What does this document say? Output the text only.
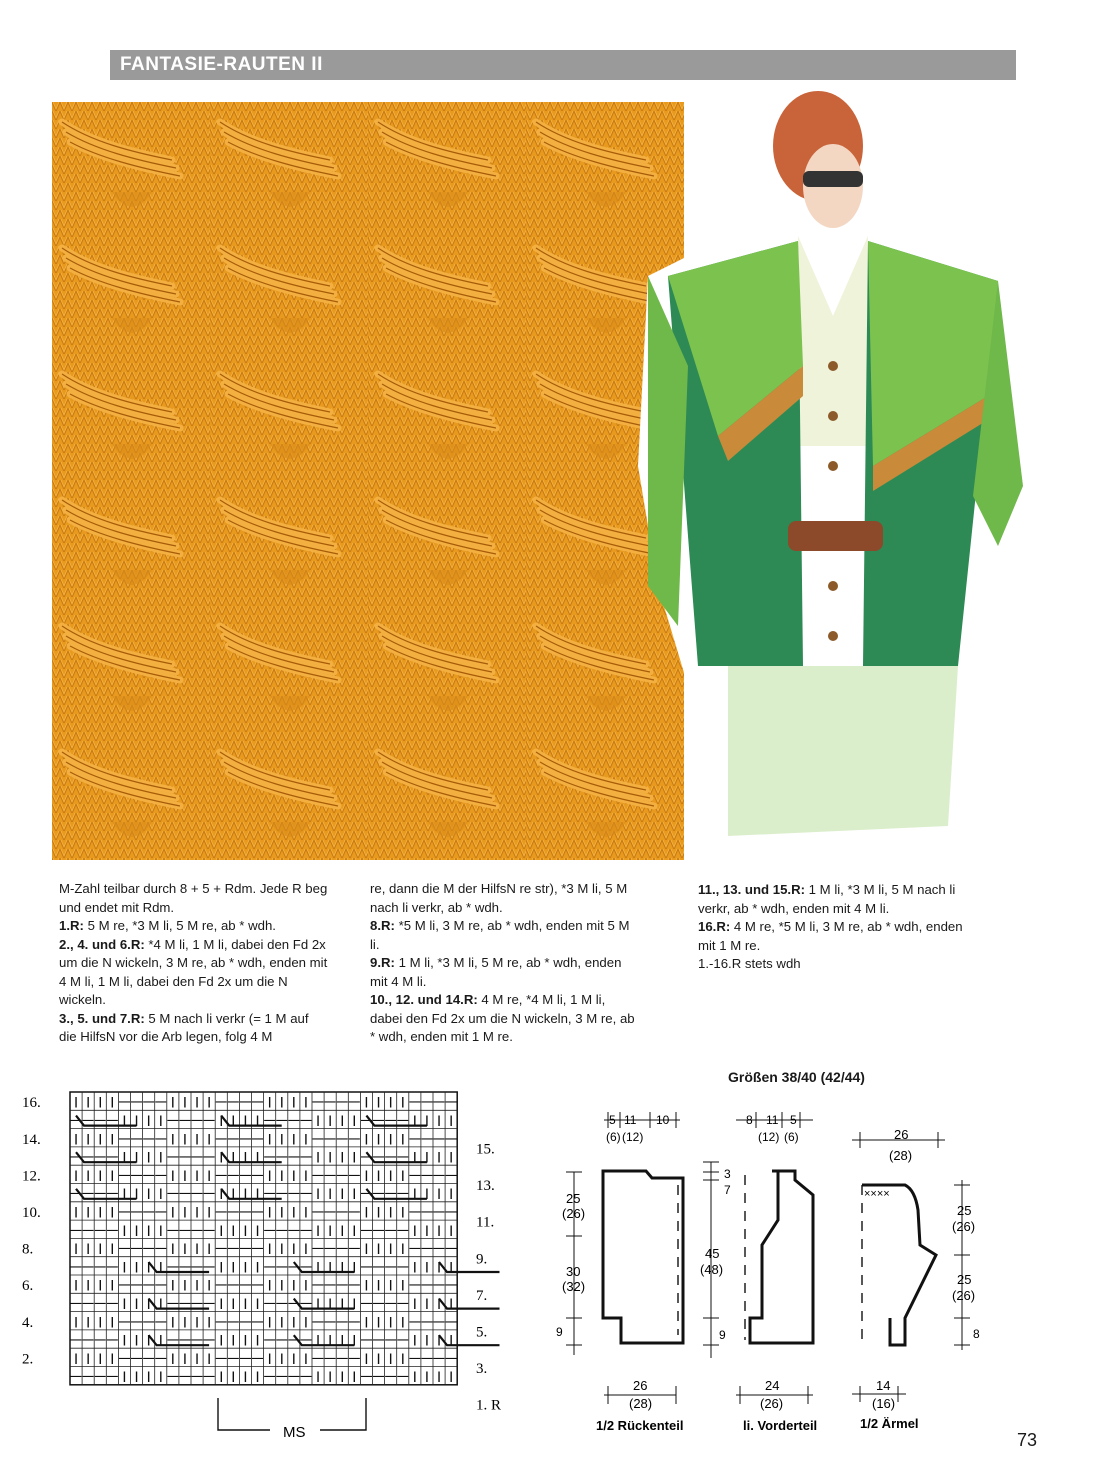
FANTASIE-RAUTEN II

M-Zahl teilbar durch 8 + 5 + Rdm. Jede R beg und endet mit Rdm.

1.R: 5 M re, *3 M li, 5 M re, ab * wdh.

2., 4. und 6.R: *4 M li, 1 M li, dabei den Fd 2x um die N wickeln, 3 M re, ab * wdh, enden mit 4 M li, 1 M li, dabei den Fd 2x um die N wickeln.

3., 5. und 7.R: 5 M nach li verkr (= 1 M auf die HilfsN vor die Arb legen, folg 4 M

re, dann die M der HilfsN re str), *3 M li, 5 M nach li verkr, ab * wdh.

8.R: *5 M li, 3 M re, ab * wdh, enden mit 5 M li.

9.R: 1 M li, *3 M li, 5 M re, ab * wdh, enden mit 4 M li.

10., 12. und 14.R: 4 M re, *4 M li, 1 M li, dabei den Fd 2x um die N wickeln, 3 M re, ab * wdh, enden mit 1 M re.

11., 13. und 15.R: 1 M li, *3 M li, 5 M nach li verkr, ab * wdh, enden mit 4 M li.

16.R: 4 M re, *5 M li, 3 M re, ab * wdh, enden mit 1 M re.

1.-16.R stets wdh

| | | | — — — — | | | | — — — — | | | | — — — — | | | | — — — —
— — — — | | | | — — — — | | | | — — — — | | | | — — — — | | | |
| | | | — — — — | | | | — — — — | | | | — — — — | | | | — — — —
— — — — | | | | — — — — | | | | — — — — | | | | — — — — | | | |
| | | | — — — — | | | | — — — — | | | | — — — — | | | | — — — —
— — — — | | | | — — — — | | | | — — — — | | | | — — — — | | | |
| | | | — — — — | | | | — — — — | | | | — — — — | | | | — — — —
— — — — | | | | — — — — | | | | — — — — | | | | — — — — | | | |
| | | | — — — — | | | | — — — — | | | | — — — — | | | | — — — —
— — — — | | | | — — — — | | | | — — — — | | | | — — — — | | | |
| | | | — — — — | | | | — — — — | | | | — — — — | | | | — — — —
— — — — | | | | — — — — | | | | — — — — | | | | — — — — | | | |
| | | | — — — — | | | | — — — — | | | | — — — — | | | | — — — —
— — — — | | | | — — — — | | | | — — — — | | | | — — — — | | | |
| | | | — — — — | | | | — — — — | | | | — — — — | | | | — — — —
— — — — | | | | — — — — | | | | — — — — | | | | — — — — | | | |
16.
14.
12.
10.
8.
6.
4.
2.
15.
13.
11.
9.
7.
5.
3.
1. R
MS
Größen 38/40 (42/44)
5 11 10
(6) (12)
25
(26)
30
(32)
9
26
(28)
1/2 Rückenteil
8 11 5
(12) (6)
3
7
45
(48)
9
24
(26)
li. Vorderteil
××××
26
(28)
25
(26)
25
(26)
8
14
(16)
1/2 Ärmel
73
